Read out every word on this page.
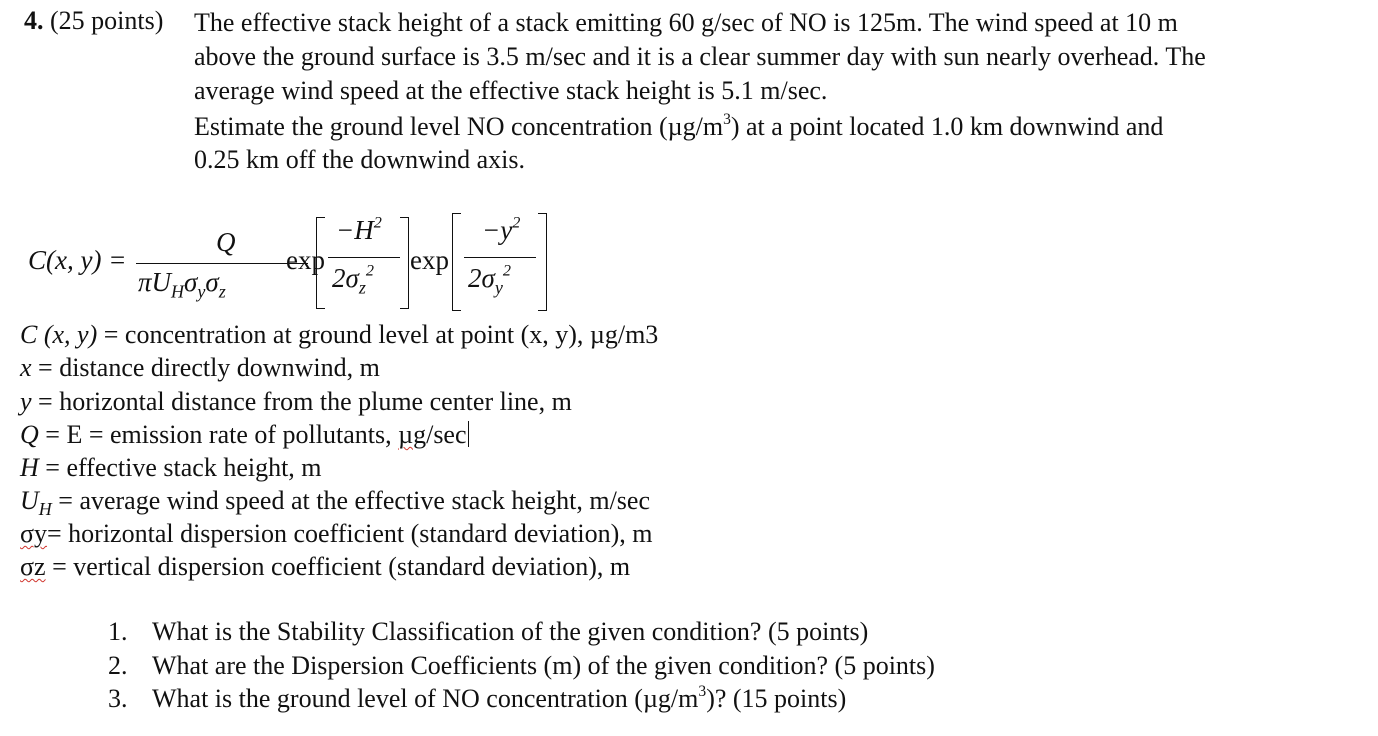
4. (25 points) The effective stack height of a stack emitting 60 g/sec of NO is 125m. The wind speed at 10 m
above the ground surface is 3.5 m/sec and it is a clear summer day with sun nearly overhead. The
average wind speed at the effective stack height is 5.1 m/sec.
Estimate the ground level NO concentration $(\mu g/m^3)$ at a point located 1.0 km downwind and
0.25 km off the downwind axis.
C(x, y) =
Q
$\pi U_H\sigma_y\sigma_z$
exp
$-H^2$
$2\sigma_z^2$ exp
$-y^2$
$2\sigma_y^2$
C (x, y) = concentration at ground level at point (x, y), µg/m3
x = distance directly downwind, m
y = horizontal distance from the plume center line, m
Q = E = emission rate of pollutants, µg/sec
H = effective stack height, m
$U_H$ = average wind speed at the effective stack height, m/sec
σy= horizontal dispersion coefficient (standard deviation), m
σz = vertical dispersion coefficient (standard deviation), m
1. What is the Stability Classification of the given condition? (5 points)
2. What are the Dispersion Coefficients (m) of the given condition? (5 points)
3. What is the ground level of NO concentration $(\mu g/m^3)$? (15 points)
